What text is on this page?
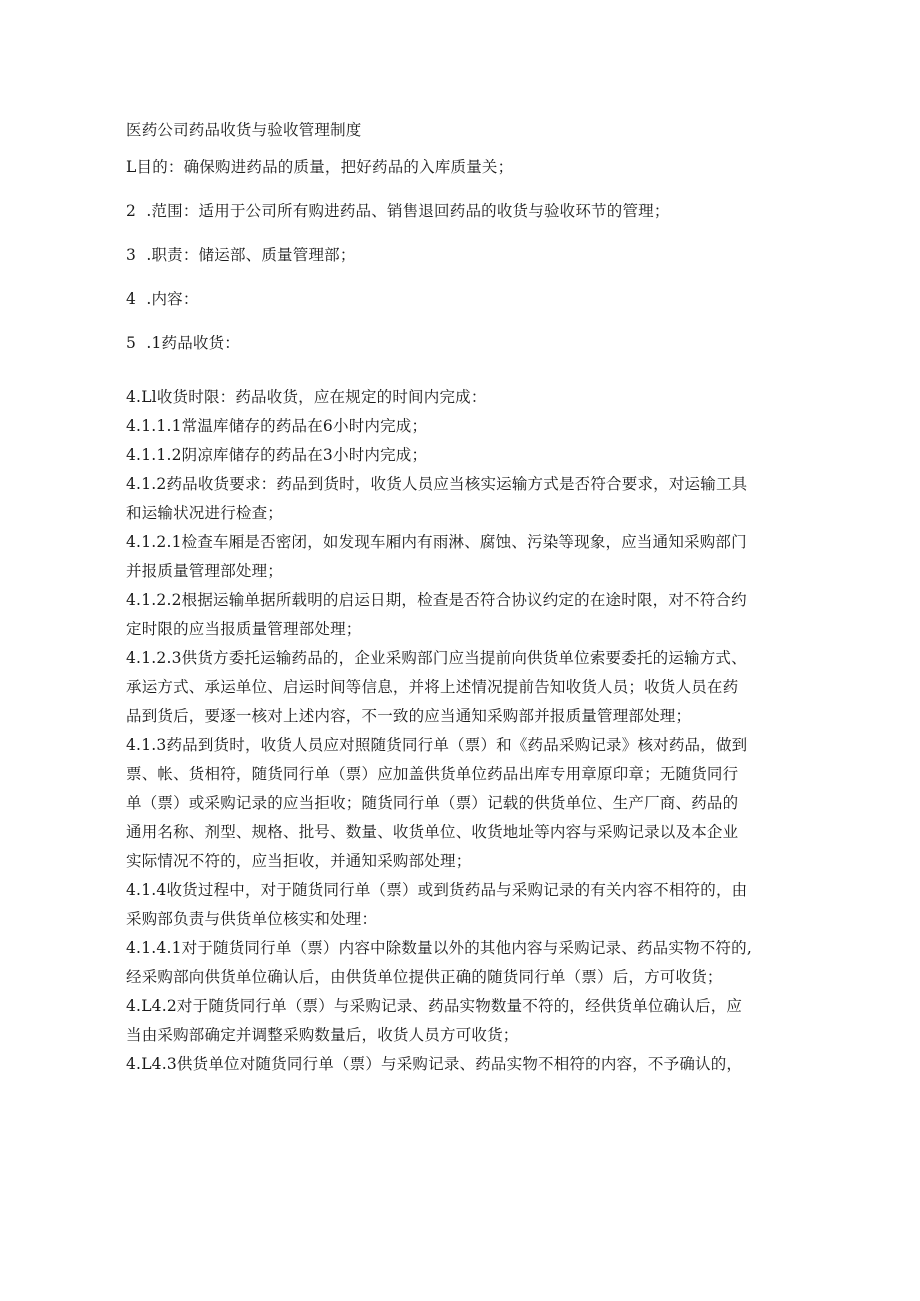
医药公司药品收货与验收管理制度

L目的：确保购进药品的质量，把好药品的入库质量关；

2  .范围：适用于公司所有购进药品、销售退回药品的收货与验收环节的管理；

3  .职责：储运部、质量管理部；

4  .内容：

5  .1药品收货：

4.Ll收货时限：药品收货，应在规定的时间内完成：

4.1.1.1常温库储存的药品在6小时内完成；

4.1.1.2阴凉库储存的药品在3小时内完成；

4.1.2药品收货要求：药品到货时，收货人员应当核实运输方式是否符合要求，对运输工具

和运输状况进行检查；

4.1.2.1检查车厢是否密闭，如发现车厢内有雨淋、腐蚀、污染等现象，应当通知采购部门

并报质量管理部处理；

4.1.2.2根据运输单据所载明的启运日期，检查是否符合协议约定的在途时限，对不符合约

定时限的应当报质量管理部处理；

4.1.2.3供货方委托运输药品的，企业采购部门应当提前向供货单位索要委托的运输方式、

承运方式、承运单位、启运时间等信息，并将上述情况提前告知收货人员；收货人员在药

品到货后，要逐一核对上述内容，不一致的应当通知采购部并报质量管理部处理；

4.1.3药品到货时，收货人员应对照随货同行单（票）和《药品采购记录》核对药品，做到

票、帐、货相符，随货同行单（票）应加盖供货单位药品出库专用章原印章；无随货同行

单（票）或采购记录的应当拒收；随货同行单（票）记载的供货单位、生产厂商、药品的

通用名称、剂型、规格、批号、数量、收货单位、收货地址等内容与采购记录以及本企业

实际情况不符的，应当拒收，并通知采购部处理；

4.1.4收货过程中，对于随货同行单（票）或到货药品与采购记录的有关内容不相符的，由

采购部负责与供货单位核实和处理：

4.1.4.1对于随货同行单（票）内容中除数量以外的其他内容与采购记录、药品实物不符的,

经采购部向供货单位确认后，由供货单位提供正确的随货同行单（票）后，方可收货；

4.L4.2对于随货同行单（票）与采购记录、药品实物数量不符的，经供货单位确认后，应

当由采购部确定并调整采购数量后，收货人员方可收货；

4.L4.3供货单位对随货同行单（票）与采购记录、药品实物不相符的内容，不予确认的，
